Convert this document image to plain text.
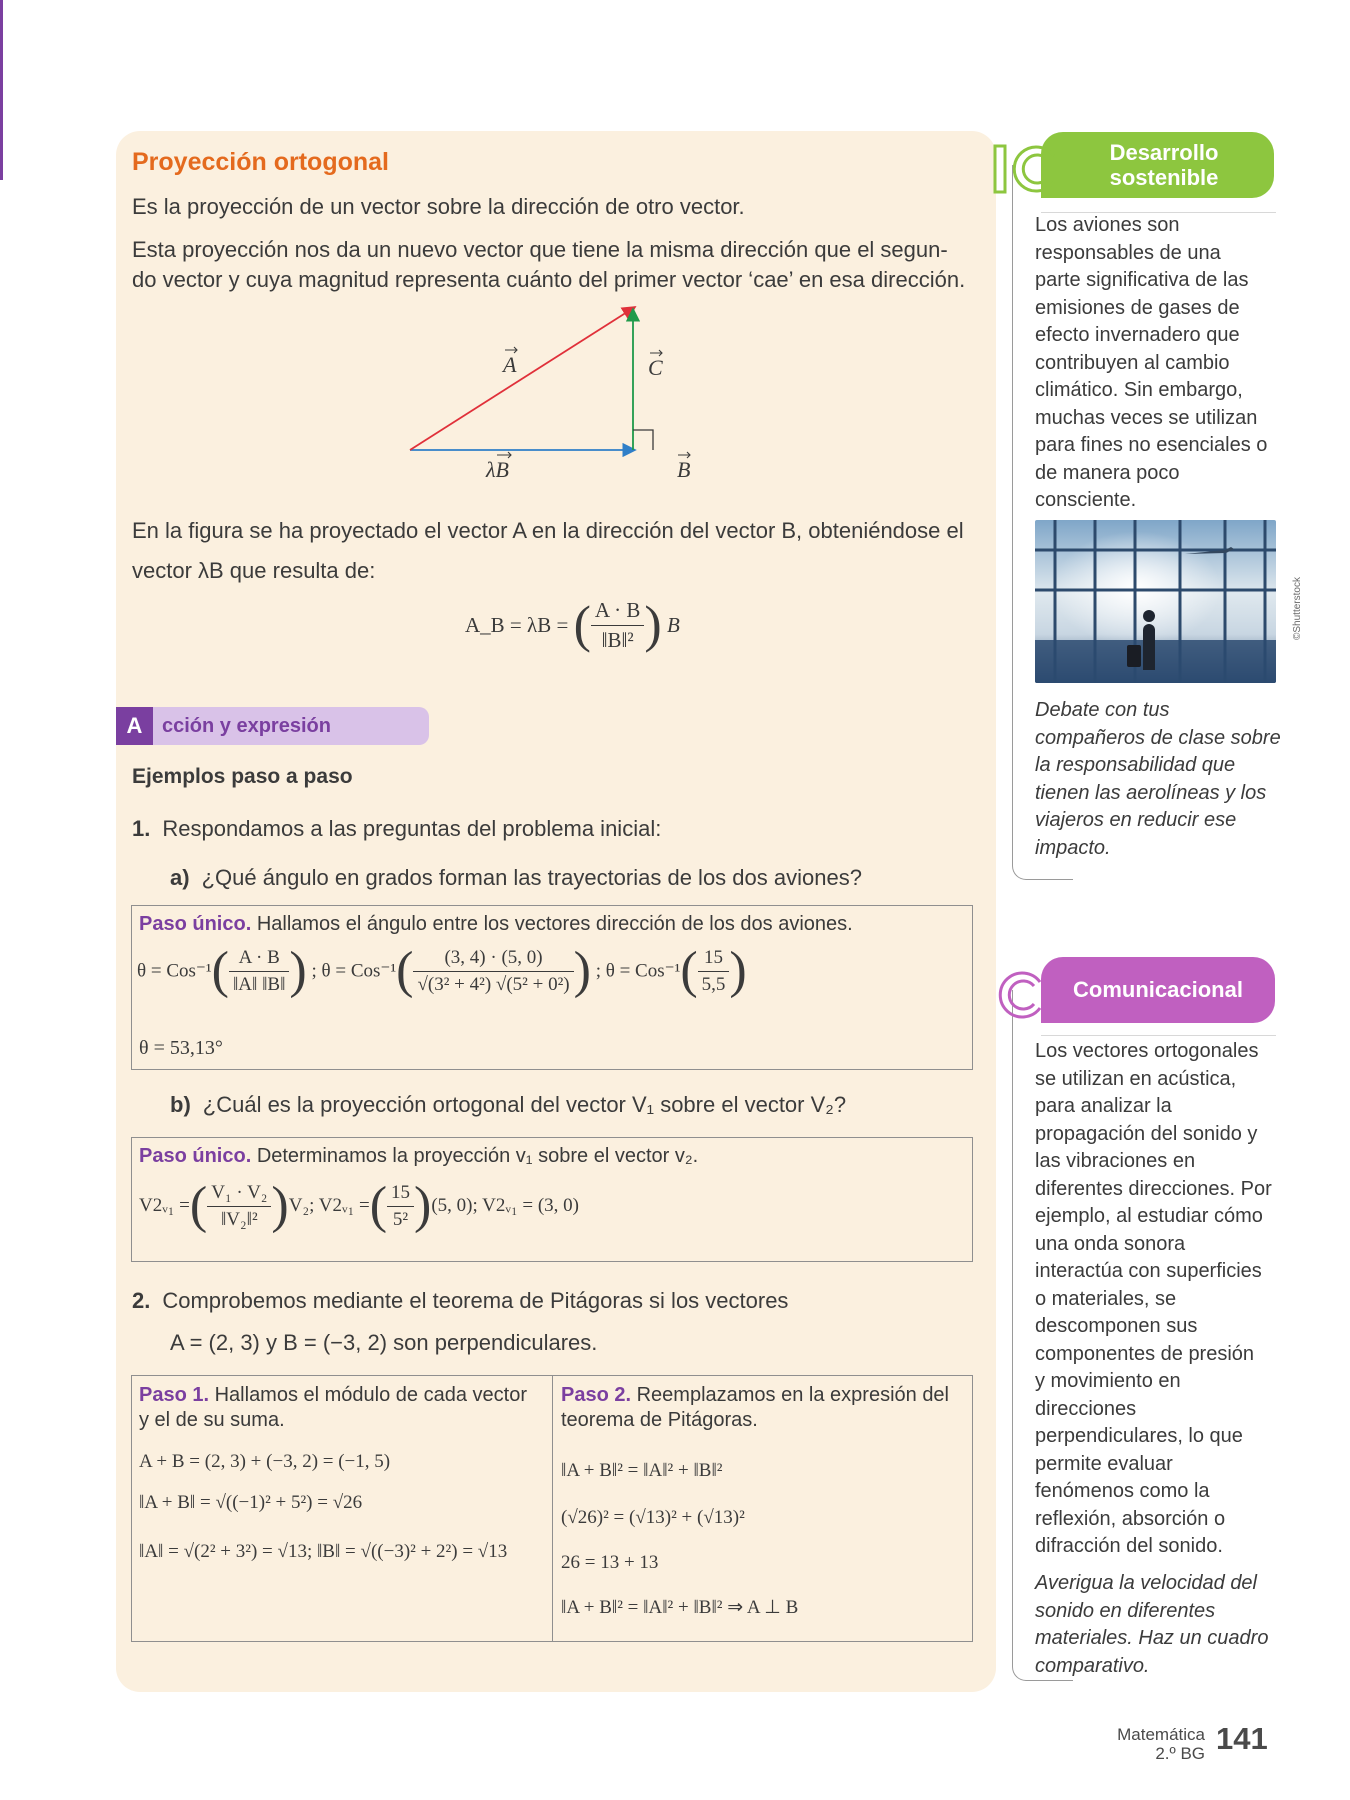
Proyección ortogonal
Es la proyección de un vector sobre la dirección de otro vector.
Esta proyección nos da un nuevo vector que tiene la misma dirección que el segun-
do vector y cuya magnitud representa cuánto del primer vector ‘cae’ en esa dirección.
A	C
λB	B
En la figura se ha proyectado el vector A en la dirección del vector B, obteniéndose el
vector λB que resulta de:
A_B = λB = ( $\frac{A \cdot B}{\text{‖B‖²}}$ ) B
A cción y expresión
Ejemplos paso a paso
1. Respondamos a las preguntas del problema inicial:
a) ¿Qué ángulo en grados forman las trayectorias de los dos aviones?
Paso único. Hallamos el ángulo entre los vectores dirección de los dos aviones.
$\theta = Cos^{-1}( \frac{A \cdot B}{‖A‖ ‖B‖}$ ) ; $\theta = Cos^{-1}( \frac{(3, 4) \cdot (5, 0)}{\text{√(3² + 4²) √(5² + 0²)}}$ ) ; $\theta = Cos^{-1}( \frac{15}{5,5}$ )
θ = 53,13°
b) ¿Cuál es la proyección ortogonal del vector V₁ sobre el vector V₂?
Paso único. Determinamos la proyección v₁ sobre el vector v₂.
V2ᵥ₁ =( $\frac{\text{V₁ · V₂}}{\text{‖V₂‖²}} )V_2$; V2ᵥ₁ =( $\frac{15}{\text{5²}} )(5$, 0); V2ᵥ₁ = (3, 0)
2. Comprobemos mediante el teorema de Pitágoras si los vectores
A = (2, 3) y B = (−3, 2) son perpendiculares.
Paso 1. Hallamos el módulo de cada vector
y el de su suma.
A + B = (2, 3) + (−3, 2) = (−1, 5)
‖A + B‖ = √((−1)² + 5²) = √26
‖A‖ = √(2² + 3²) = √13; ‖B‖ = √((−3)² + 2²) = √13
Paso 2. Reemplazamos en la expresión del
teorema de Pitágoras.
‖A + B‖² = ‖A‖² + ‖B‖²
(√26)² = (√13)² + (√13)²
26 = 13 + 13
‖A + B‖² = ‖A‖² + ‖B‖² ⇒ A ⊥ B
Desarrollo
sostenible
Los aviones son
responsables de una
parte significativa de las
emisiones de gases de
efecto invernadero que
contribuyen al cambio
climático. Sin embargo,
muchas veces se utilizan
para fines no esenciales o
de manera poco
consciente.
©Shutterstock
Debate con tus
compañeros de clase sobre
la responsabilidad que
tienen las aerolíneas y los
viajeros en reducir ese
impacto.
Comunicacional
Los vectores ortogonales
se utilizan en acústica,
para analizar la
propagación del sonido y
las vibraciones en
diferentes direcciones. Por
ejemplo, al estudiar cómo
una onda sonora
interactúa con superficies
o materiales, se
descomponen sus
componentes de presión
y movimiento en
direcciones
perpendiculares, lo que
permite evaluar
fenómenos como la
reflexión, absorción o
difracción del sonido.
Averigua la velocidad del
sonido en diferentes
materiales. Haz un cuadro
comparativo.
Matemática
2.º BG 141
